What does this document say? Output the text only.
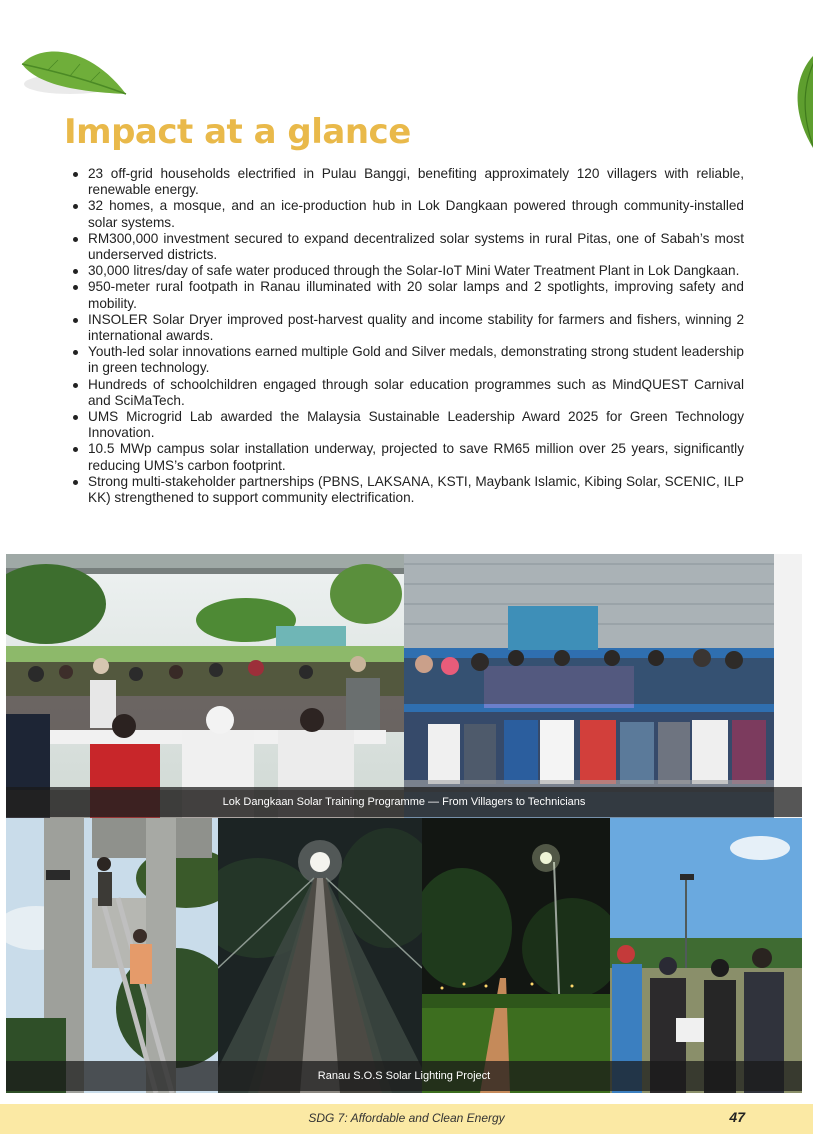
Impact at a glance
23 off-grid households electrified in Pulau Banggi, benefiting approximately 120 villagers with reliable, renewable energy.
32 homes, a mosque, and an ice-production hub in Lok Dangkaan powered through community-installed solar systems.
RM300,000 investment secured to expand decentralized solar systems in rural Pitas, one of Sabah’s most underserved districts.
30,000 litres/day of safe water produced through the Solar-IoT Mini Water Treatment Plant in Lok Dangkaan.
950-meter rural footpath in Ranau illuminated with 20 solar lamps and 2 spotlights, improving safety and mobility.
INSOLER Solar Dryer improved post-harvest quality and income stability for farmers and fishers, winning 2 international awards.
Youth-led solar innovations earned multiple Gold and Silver medals, demonstrating strong student leadership in green technology.
Hundreds of schoolchildren engaged through solar education programmes such as MindQUEST Carnival and SciMaTech.
UMS Microgrid Lab awarded the Malaysia Sustainable Leadership Award 2025 for Green Technology Innovation.
10.5 MWp campus solar installation underway, projected to save RM65 million over 25 years, significantly reducing UMS’s carbon footprint.
Strong multi-stakeholder partnerships (PBNS, LAKSANA, KSTI, Maybank Islamic, Kibing Solar, SCENIC, ILP KK) strengthened to support community electrification.
Lok Dangkaan Solar Training Programme — From Villagers to Technicians
Ranau S.O.S Solar Lighting Project
SDG 7: Affordable and Clean Energy	47
